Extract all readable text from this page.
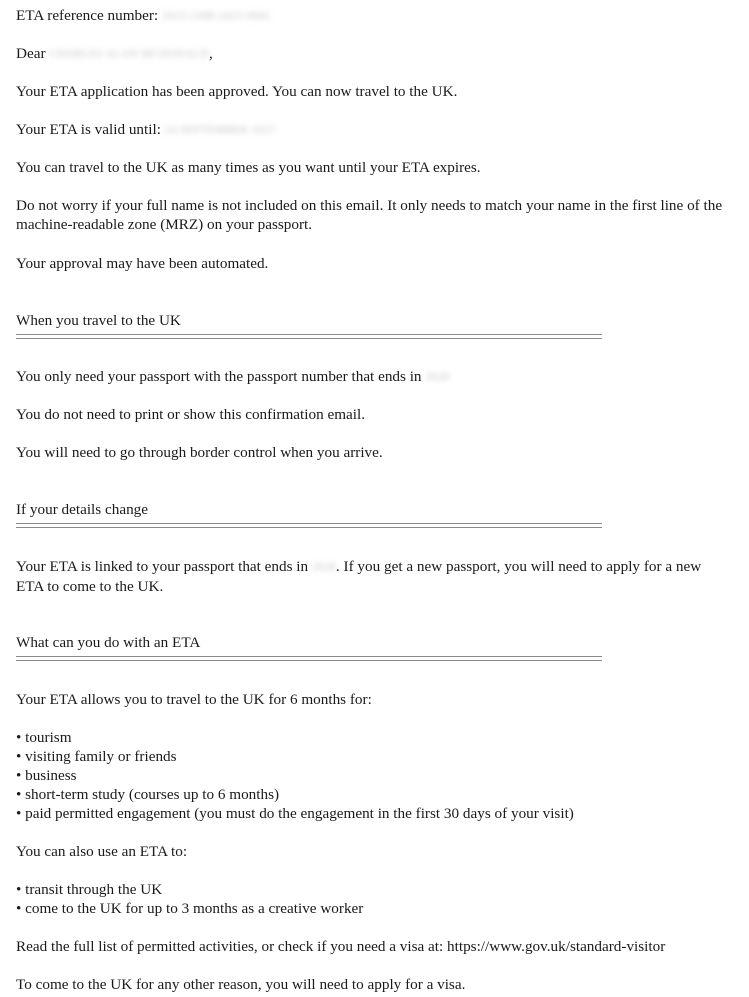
ETA reference number: 2023-2388-2423-9065
Dear CHARLES ALAN MCDONALD,
Your ETA application has been approved. You can now travel to the UK.
Your ETA is valid until: 24 SEPTEMBER 2027
You can travel to the UK as many times as you want until your ETA expires.
Do not worry if your full name is not included on this email. It only needs to match your name in the first line of the machine-readable zone (MRZ) on your passport.
Your approval may have been automated.
When you travel to the UK
You only need your passport with the passport number that ends in 2628
You do not need to print or show this confirmation email.
You will need to go through border control when you arrive.
If your details change
Your ETA is linked to your passport that ends in 2628. If you get a new passport, you will need to apply for a new ETA to come to the UK.
What can you do with an ETA
Your ETA allows you to travel to the UK for 6 months for:
• tourism
• visiting family or friends
• business
• short-term study (courses up to 6 months)
• paid permitted engagement (you must do the engagement in the first 30 days of your visit)
You can also use an ETA to:
• transit through the UK
• come to the UK for up to 3 months as a creative worker
Read the full list of permitted activities, or check if you need a visa at: https://www.gov.uk/standard-visitor
To come to the UK for any other reason, you will need to apply for a visa.
